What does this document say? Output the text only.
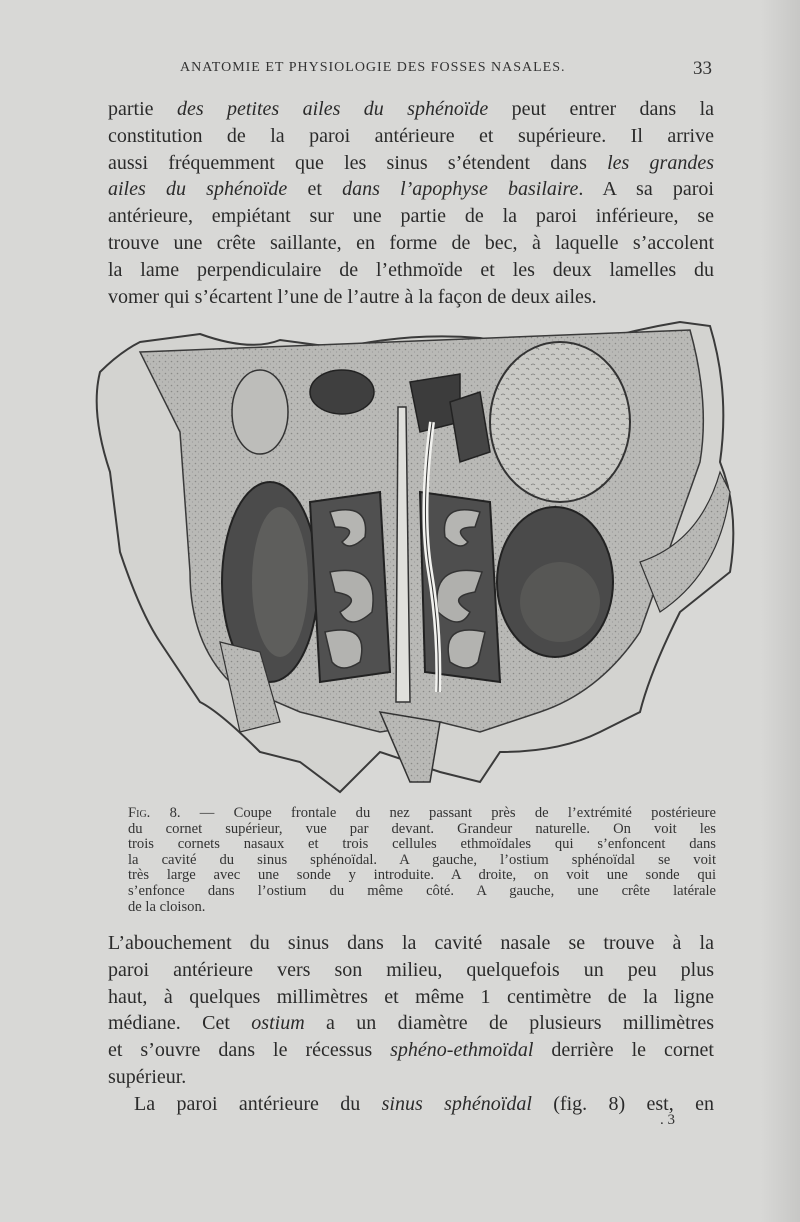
ANATOMIE ET PHYSIOLOGIE DES FOSSES NASALES.	33
partie des petites ailes du sphénoïde peut entrer dans la
constitution de la paroi antérieure et supérieure. Il arrive
aussi fréquemment que les sinus s’étendent dans les grandes
ailes du sphénoïde et dans l’apophyse basilaire. A sa paroi
antérieure, empiétant sur une partie de la paroi inférieure, se
trouve une crête saillante, en forme de bec, à laquelle s’accolent
la lame perpendiculaire de l’ethmoïde et les deux lamelles du
vomer qui s’écartent l’une de l’autre à la façon de deux ailes.
Fig. 8. — Coupe frontale du nez passant près de l’extrémité postérieure
du cornet supérieur, vue par devant. Grandeur naturelle. On voit les
trois cornets nasaux et trois cellules ethmoïdales qui s’enfoncent dans
la cavité du sinus sphénoïdal. A gauche, l’ostium sphénoïdal se voit
très large avec une sonde y introduite. A droite, on voit une sonde qui
s’enfonce dans l’ostium du même côté. A gauche, une crête latérale
de la cloison.
L’abouchement du sinus dans la cavité nasale se trouve à la
paroi antérieure vers son milieu, quelquefois un peu plus
haut, à quelques millimètres et même 1 centimètre de la ligne
médiane. Cet ostium a un diamètre de plusieurs millimètres
et s’ouvre dans le récessus sphéno-ethmoïdal derrière le cornet
supérieur.
La paroi antérieure du sinus sphénoïdal (fig. 8) est, en
. 3
